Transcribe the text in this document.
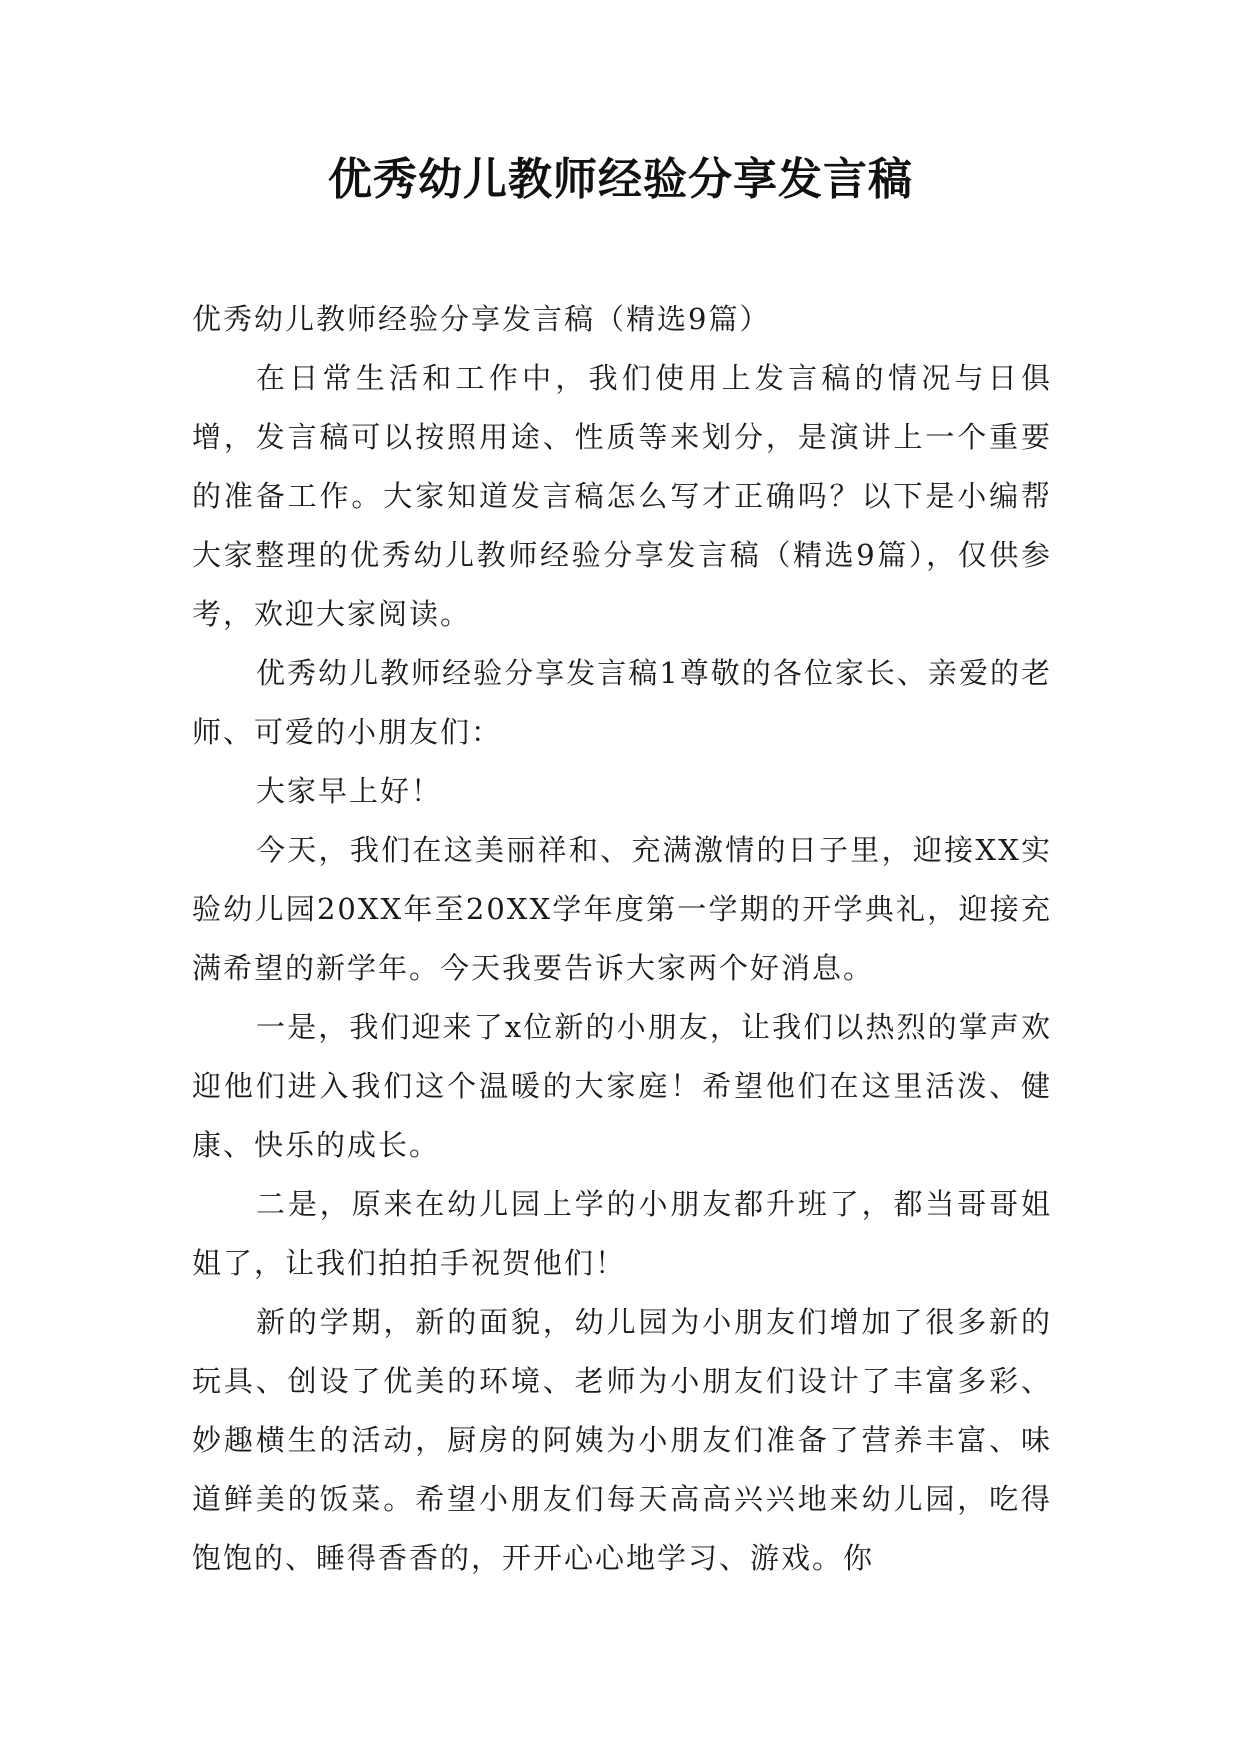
优秀幼儿教师经验分享发言稿

优秀幼儿教师经验分享发言稿（精选9篇）

在日常生活和工作中，我们使用上发言稿的情况与日俱增，发言稿可以按照用途、性质等来划分，是演讲上一个重要的准备工作。大家知道发言稿怎么写才正确吗？以下是小编帮大家整理的优秀幼儿教师经验分享发言稿（精选9篇），仅供参考，欢迎大家阅读。

优秀幼儿教师经验分享发言稿1尊敬的各位家长、亲爱的老师、可爱的小朋友们：

大家早上好！

今天，我们在这美丽祥和、充满激情的日子里，迎接XX实验幼儿园20XX年至20XX学年度第一学期的开学典礼，迎接充满希望的新学年。今天我要告诉大家两个好消息。

一是，我们迎来了x位新的小朋友，让我们以热烈的掌声欢迎他们进入我们这个温暖的大家庭！希望他们在这里活泼、健康、快乐的成长。

二是，原来在幼儿园上学的小朋友都升班了，都当哥哥姐姐了，让我们拍拍手祝贺他们！

新的学期，新的面貌，幼儿园为小朋友们增加了很多新的玩具、创设了优美的环境、老师为小朋友们设计了丰富多彩、妙趣横生的活动，厨房的阿姨为小朋友们准备了营养丰富、味道鲜美的饭菜。希望小朋友们每天高高兴兴地来幼儿园，吃得饱饱的、睡得香香的，开开心心地学习、游戏。你
